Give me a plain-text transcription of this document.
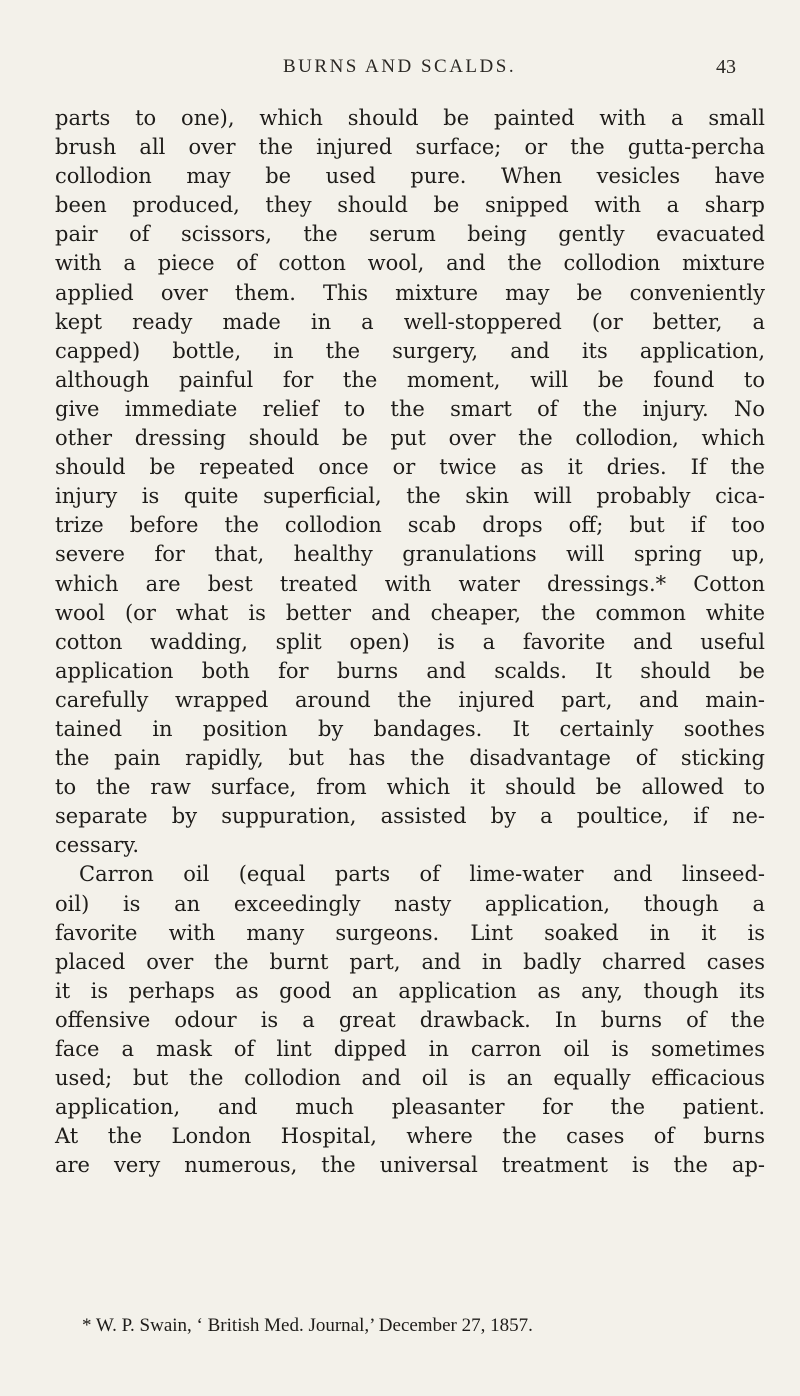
BURNS AND SCALDS.	43
parts to one), which should be painted with a small
brush all over the injured surface; or the gutta-percha
collodion may be used pure. When vesicles have
been produced, they should be snipped with a sharp
pair of scissors, the serum being gently evacuated
with a piece of cotton wool, and the collodion mixture
applied over them. This mixture may be conveniently
kept ready made in a well-stoppered (or better, a
capped) bottle, in the surgery, and its application,
although painful for the moment, will be found to
give immediate relief to the smart of the injury. No
other dressing should be put over the collodion, which
should be repeated once or twice as it dries. If the
injury is quite superficial, the skin will probably cica-
trize before the collodion scab drops off; but if too
severe for that, healthy granulations will spring up,
which are best treated with water dressings.* Cotton
wool (or what is better and cheaper, the common white
cotton wadding, split open) is a favorite and useful
application both for burns and scalds. It should be
carefully wrapped around the injured part, and main-
tained in position by bandages. It certainly soothes
the pain rapidly, but has the disadvantage of sticking
to the raw surface, from which it should be allowed to
separate by suppuration, assisted by a poultice, if ne-
cessary.
Carron oil (equal parts of lime-water and linseed-
oil) is an exceedingly nasty application, though a
favorite with many surgeons. Lint soaked in it is
placed over the burnt part, and in badly charred cases
it is perhaps as good an application as any, though its
offensive odour is a great drawback. In burns of the
face a mask of lint dipped in carron oil is sometimes
used; but the collodion and oil is an equally efficacious
application, and much pleasanter for the patient.
At the London Hospital, where the cases of burns
are very numerous, the universal treatment is the ap-
* W. P. Swain, ‘ British Med. Journal,’ December 27, 1857.
